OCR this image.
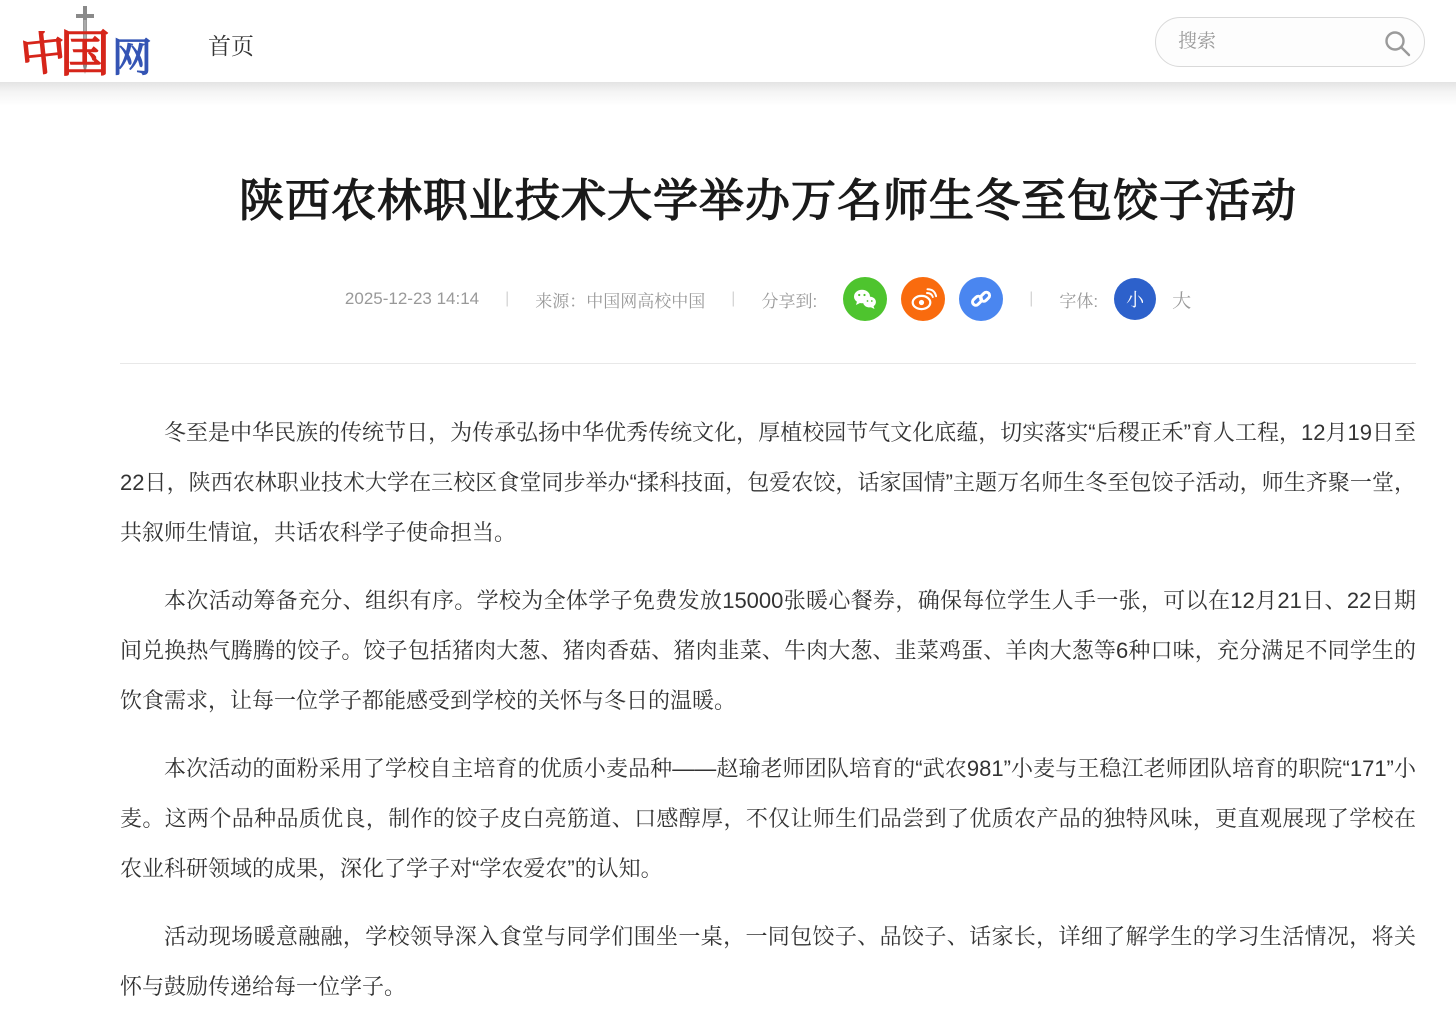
中
国 网 首页
搜索
陕西农林职业技术大学举办万名师生冬至包饺子活动
2025-12-23 14:14 | 来源：中国网高校中国 | 分享到:	| 字体:	小	大

冬至是中华民族的传统节日，为传承弘扬中华优秀传统文化，厚植校园节气文化底蕴，切实落实“后稷正禾”育人工程，12月19日至22日，陕西农林职业技术大学在三校区食堂同步举办“揉科技面，包爱农饺，话家国情”主题万名师生冬至包饺子活动，师生齐聚一堂，共叙师生情谊，共话农科学子使命担当。

本次活动筹备充分、组织有序。学校为全体学子免费发放15000张暖心餐券，确保每位学生人手一张，可以在12月21日、22日期间兑换热气腾腾的饺子。饺子包括猪肉大葱、猪肉香菇、猪肉韭菜、牛肉大葱、韭菜鸡蛋、羊肉大葱等6种口味，充分满足不同学生的饮食需求，让每一位学子都能感受到学校的关怀与冬日的温暖。

本次活动的面粉采用了学校自主培育的优质小麦品种——赵瑜老师团队培育的“武农981”小麦与王稳江老师团队培育的职院“171”小麦。这两个品种品质优良，制作的饺子皮白亮筋道、口感醇厚，不仅让师生们品尝到了优质农产品的独特风味，更直观展现了学校在农业科研领域的成果，深化了学子对“学农爱农”的认知。

活动现场暖意融融，学校领导深入食堂与同学们围坐一桌，一同包饺子、品饺子、话家长，详细了解学生的学习生活情况，将关怀与鼓励传递给每一位学子。
